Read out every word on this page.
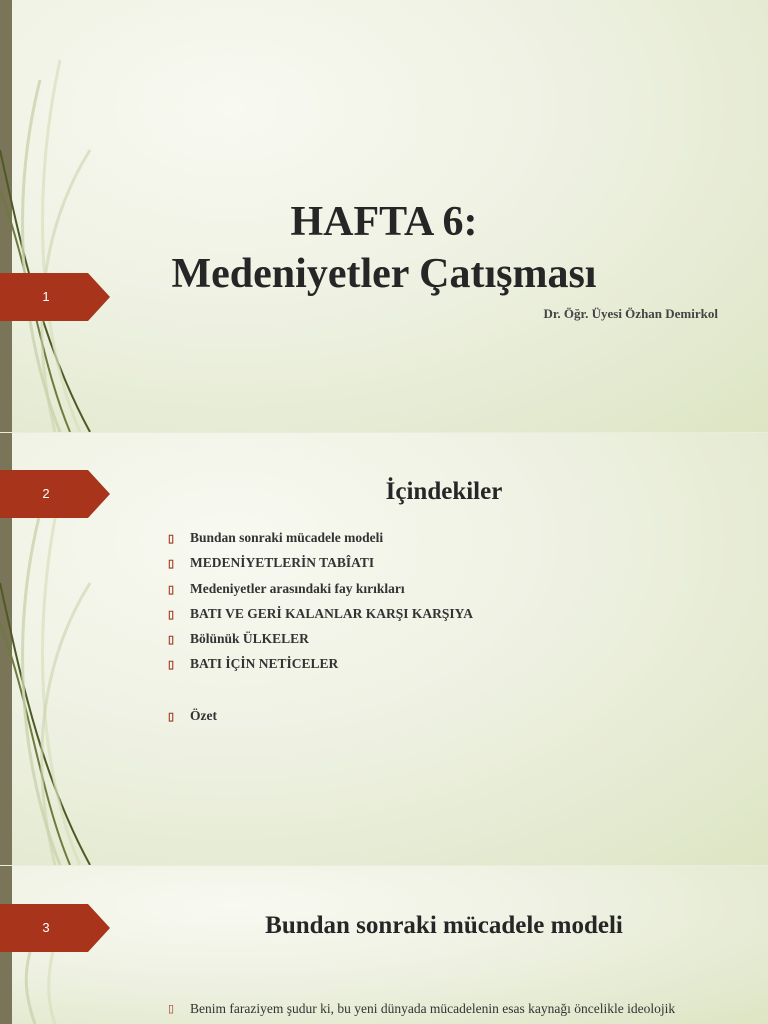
1
HAFTA 6:
Medeniyetler Çatışması
Dr. Öğr. Üyesi Özhan Demirkol
2	İçindekiler
▯ Bundan sonraki mücadele modeli
▯ MEDENİYETLERİN TABÎATI
▯ Medeniyetler arasındaki fay kırıkları
▯ BATI VE GERİ KALANLAR KARŞI KARŞIYA
▯ Bölünük ÜLKELER
▯ BATI İÇİN NETİCELER
▯ Özet
3	Bundan sonraki mücadele modeli
▯ Benim faraziyem şudur ki, bu yeni dünyada mücadelenin esas kaynağı öncelikle ideolojik
